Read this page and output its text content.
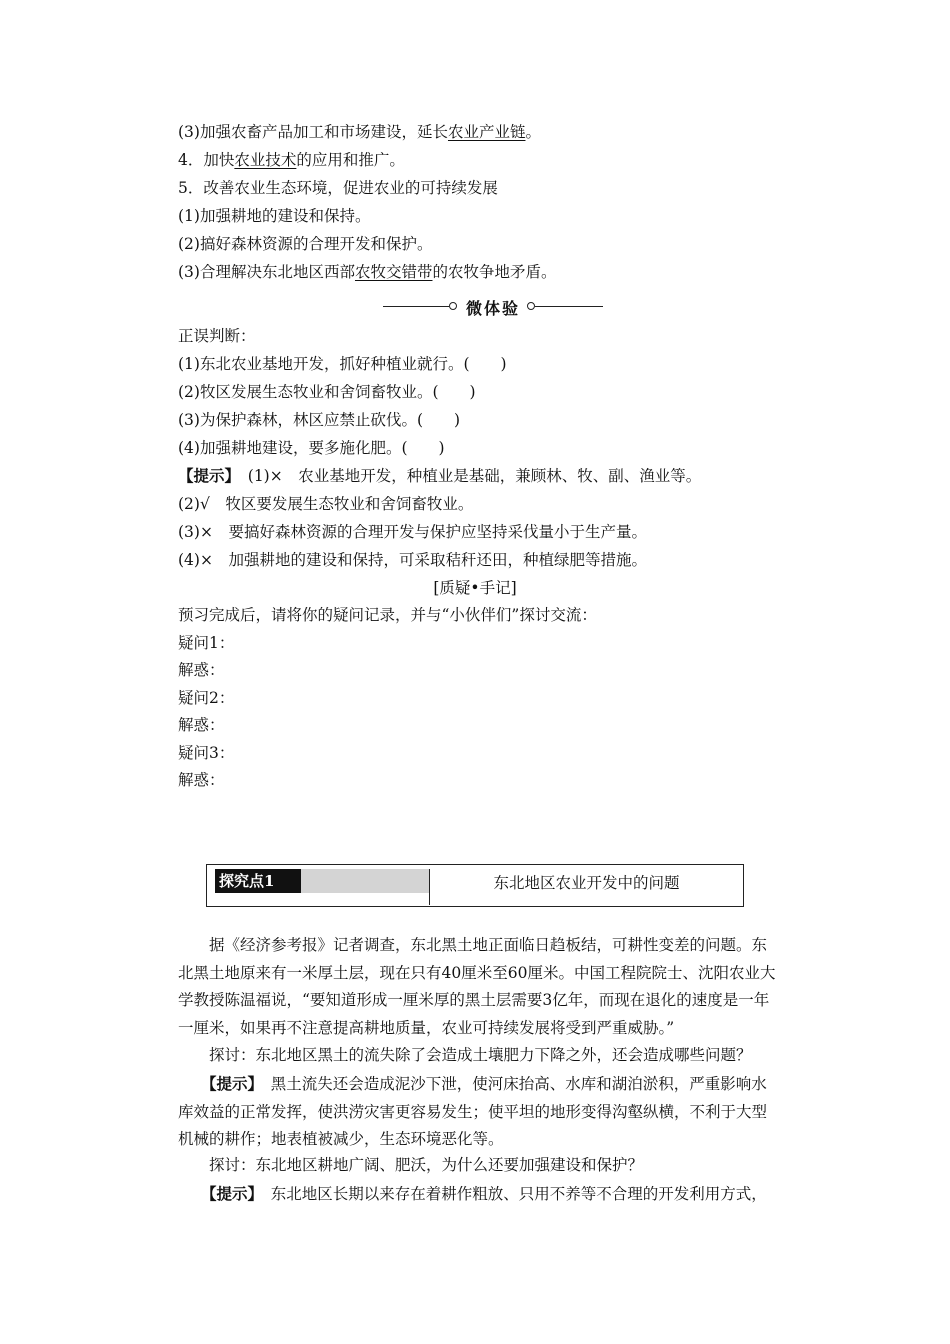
(3)加强农畜产品加工和市场建设，延长农业产业链。
4．加快农业技术的应用和推广。
5．改善农业生态环境，促进农业的可持续发展
(1)加强耕地的建设和保持。
(2)搞好森林资源的合理开发和保护。
(3)合理解决东北地区西部农牧交错带的农牧争地矛盾。
微体验
正误判断：
(1)东北农业基地开发，抓好种植业就行。(　　)
(2)牧区发展生态牧业和舍饲畜牧业。(　　)
(3)为保护森林，林区应禁止砍伐。(　　)
(4)加强耕地建设，要多施化肥。(　　)
【提示】　(1)×　农业基地开发，种植业是基础，兼顾林、牧、副、渔业等。
(2)√　牧区要发展生态牧业和舍饲畜牧业。
(3)×　要搞好森林资源的合理开发与保护应坚持采伐量小于生产量。
(4)×　加强耕地的建设和保持，可采取秸秆还田，种植绿肥等措施。
[质疑•手记]
预习完成后，请将你的疑问记录，并与“小伙伴们”探讨交流：
疑问1：
解惑：
疑问2：
解惑：
疑问3：
解惑：
探究点1	东北地区农业开发中的问题
据《经济参考报》记者调查，东北黑土地正面临日趋板结，可耕性变差的问题。东北黑土地原来有一米厚土层，现在只有40厘米至60厘米。中国工程院院士、沈阳农业大学教授陈温福说，“要知道形成一厘米厚的黑土层需要3亿年，而现在退化的速度是一年一厘米，如果再不注意提高耕地质量，农业可持续发展将受到严重威胁。”
探讨：东北地区黑土的流失除了会造成土壤肥力下降之外，还会造成哪些问题？
【提示】　黑土流失还会造成泥沙下泄，使河床抬高、水库和湖泊淤积，严重影响水库效益的正常发挥，使洪涝灾害更容易发生；使平坦的地形变得沟壑纵横，不利于大型机械的耕作；地表植被减少，生态环境恶化等。
探讨：东北地区耕地广阔、肥沃，为什么还要加强建设和保护？
【提示】　东北地区长期以来存在着耕作粗放、只用不养等不合理的开发利用方式，
